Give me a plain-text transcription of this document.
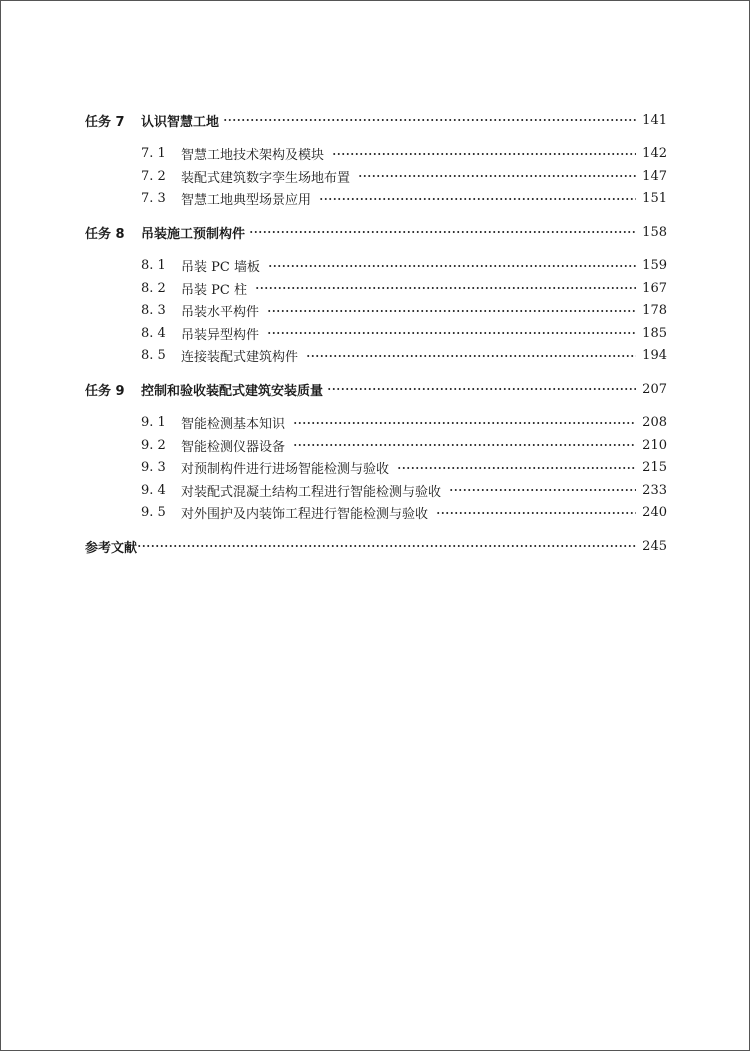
任务 7	认识智慧工地	141
7. 1	智慧工地技术架构及模块	142
7. 2	装配式建筑数字孪生场地布置	147
7. 3	智慧工地典型场景应用	151
任务 8	吊装施工预制构件	158
8. 1	吊装 PC 墙板	159
8. 2	吊装 PC 柱	167
8. 3	吊装水平构件	178
8. 4	吊装异型构件	185
8. 5	连接装配式建筑构件	194
任务 9	控制和验收装配式建筑安装质量	207
9. 1	智能检测基本知识	208
9. 2	智能检测仪器设备	210
9. 3	对预制构件进行进场智能检测与验收	215
9. 4	对装配式混凝土结构工程进行智能检测与验收	233
9. 5	对外围护及内装饰工程进行智能检测与验收	240
参考文献	245
